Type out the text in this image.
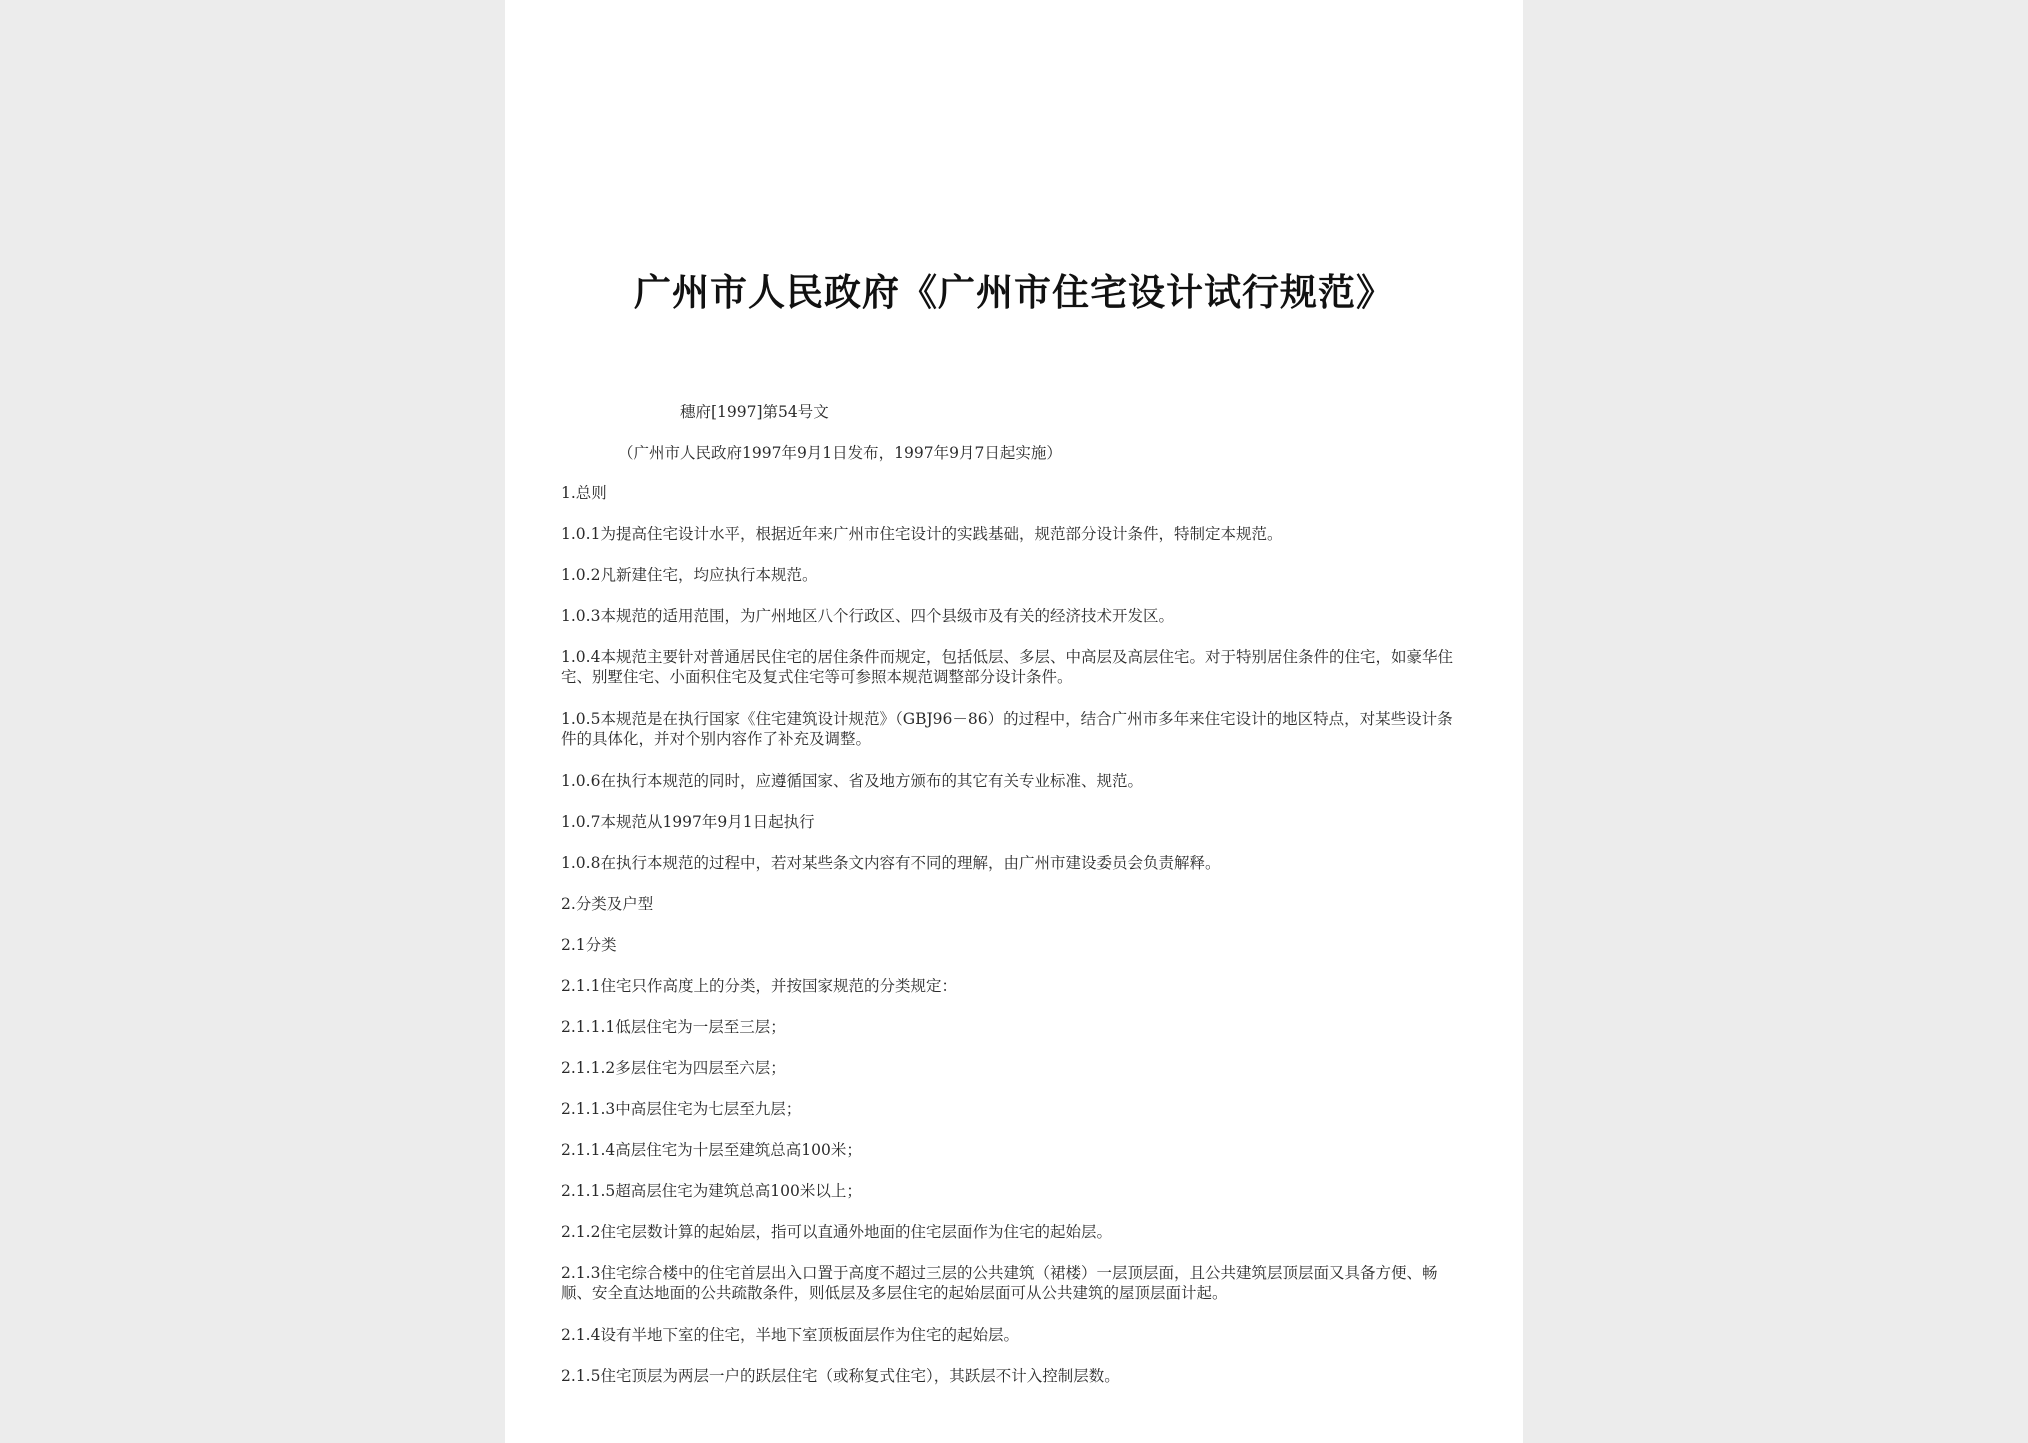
广州市人民政府《广州市住宅设计试行规范》
穗府[1997]第54号文
（广州市人民政府1997年9月1日发布，1997年9月7日起实施）
1.总则
1.0.1为提高住宅设计水平，根据近年来广州市住宅设计的实践基础，规范部分设计条件，特制定本规范。
1.0.2凡新建住宅，均应执行本规范。
1.0.3本规范的适用范围，为广州地区八个行政区、四个县级市及有关的经济技术开发区。
1.0.4本规范主要针对普通居民住宅的居住条件而规定，包括低层、多层、中高层及高层住宅。对于特别居住条件的住宅，如豪华住宅、别墅住宅、小面积住宅及复式住宅等可参照本规范调整部分设计条件。
1.0.5本规范是在执行国家《住宅建筑设计规范》（GBJ96－86）的过程中，结合广州市多年来住宅设计的地区特点，对某些设计条件的具体化，并对个别内容作了补充及调整。
1.0.6在执行本规范的同时，应遵循国家、省及地方颁布的其它有关专业标准、规范。
1.0.7本规范从1997年9月1日起执行
1.0.8在执行本规范的过程中，若对某些条文内容有不同的理解，由广州市建设委员会负责解释。
2.分类及户型
2.1分类
2.1.1住宅只作高度上的分类，并按国家规范的分类规定：
2.1.1.1低层住宅为一层至三层；
2.1.1.2多层住宅为四层至六层；
2.1.1.3中高层住宅为七层至九层；
2.1.1.4高层住宅为十层至建筑总高100米；
2.1.1.5超高层住宅为建筑总高100米以上；
2.1.2住宅层数计算的起始层，指可以直通外地面的住宅层面作为住宅的起始层。
2.1.3住宅综合楼中的住宅首层出入口置于高度不超过三层的公共建筑（裙楼）一层顶层面，且公共建筑层顶层面又具备方便、畅顺、安全直达地面的公共疏散条件，则低层及多层住宅的起始层面可从公共建筑的屋顶层面计起。
2.1.4设有半地下室的住宅，半地下室顶板面层作为住宅的起始层。
2.1.5住宅顶层为两层一户的跃层住宅（或称复式住宅），其跃层不计入控制层数。
